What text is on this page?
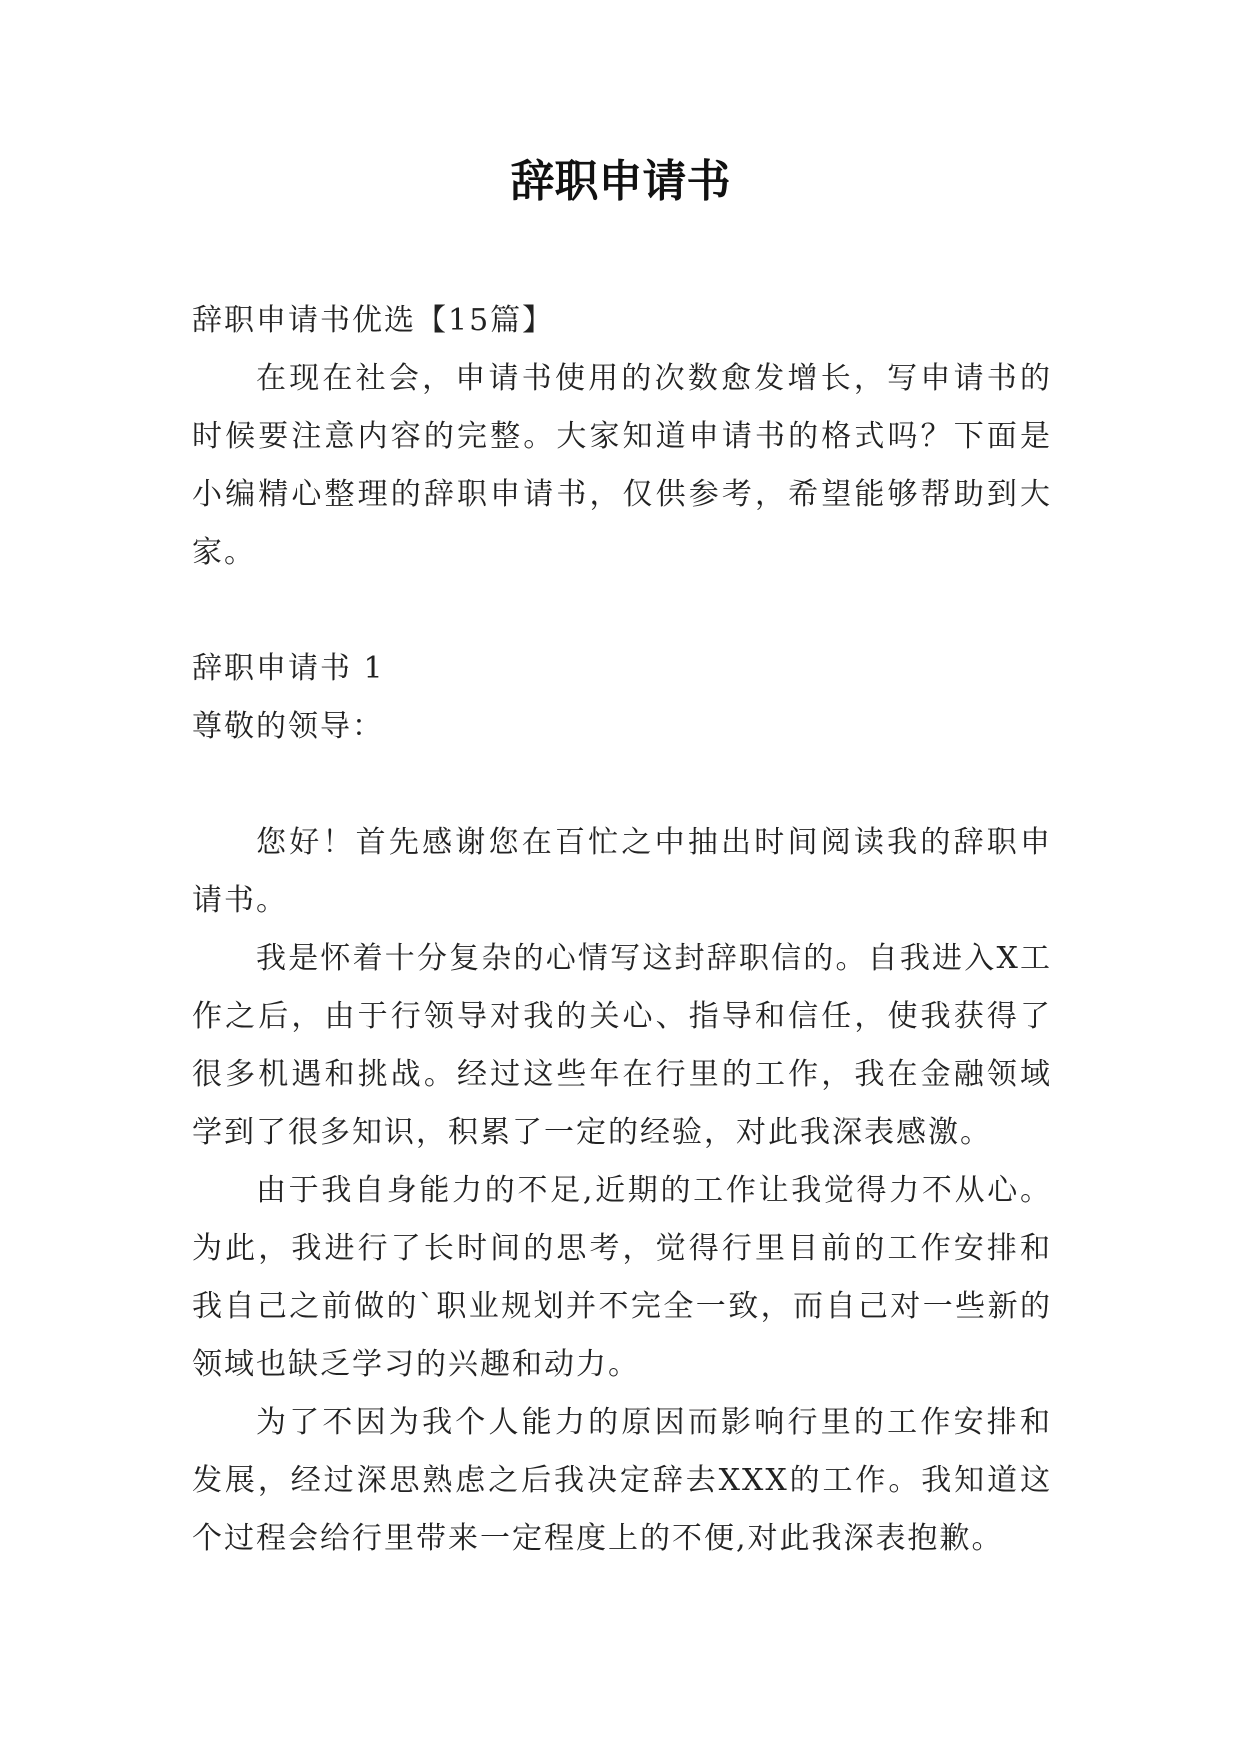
辞职申请书

辞职申请书优选【15篇】

在现在社会，申请书使用的次数愈发增长，写申请书的时候要注意内容的完整。大家知道申请书的格式吗？下面是小编精心整理的辞职申请书，仅供参考，希望能够帮助到大家。

辞职申请书 1

尊敬的领导：

您好！首先感谢您在百忙之中抽出时间阅读我的辞职申请书。

我是怀着十分复杂的心情写这封辞职信的。自我进入X工作之后，由于行领导对我的关心、指导和信任，使我获得了很多机遇和挑战。经过这些年在行里的工作，我在金融领域学到了很多知识，积累了一定的经验，对此我深表感激。

由于我自身能力的不足,近期的工作让我觉得力不从心。为此，我进行了长时间的思考，觉得行里目前的工作安排和我自己之前做的`职业规划并不完全一致，而自己对一些新的领域也缺乏学习的兴趣和动力。

为了不因为我个人能力的原因而影响行里的工作安排和发展，经过深思熟虑之后我决定辞去XXX的工作。我知道这个过程会给行里带来一定程度上的不便,对此我深表抱歉。
